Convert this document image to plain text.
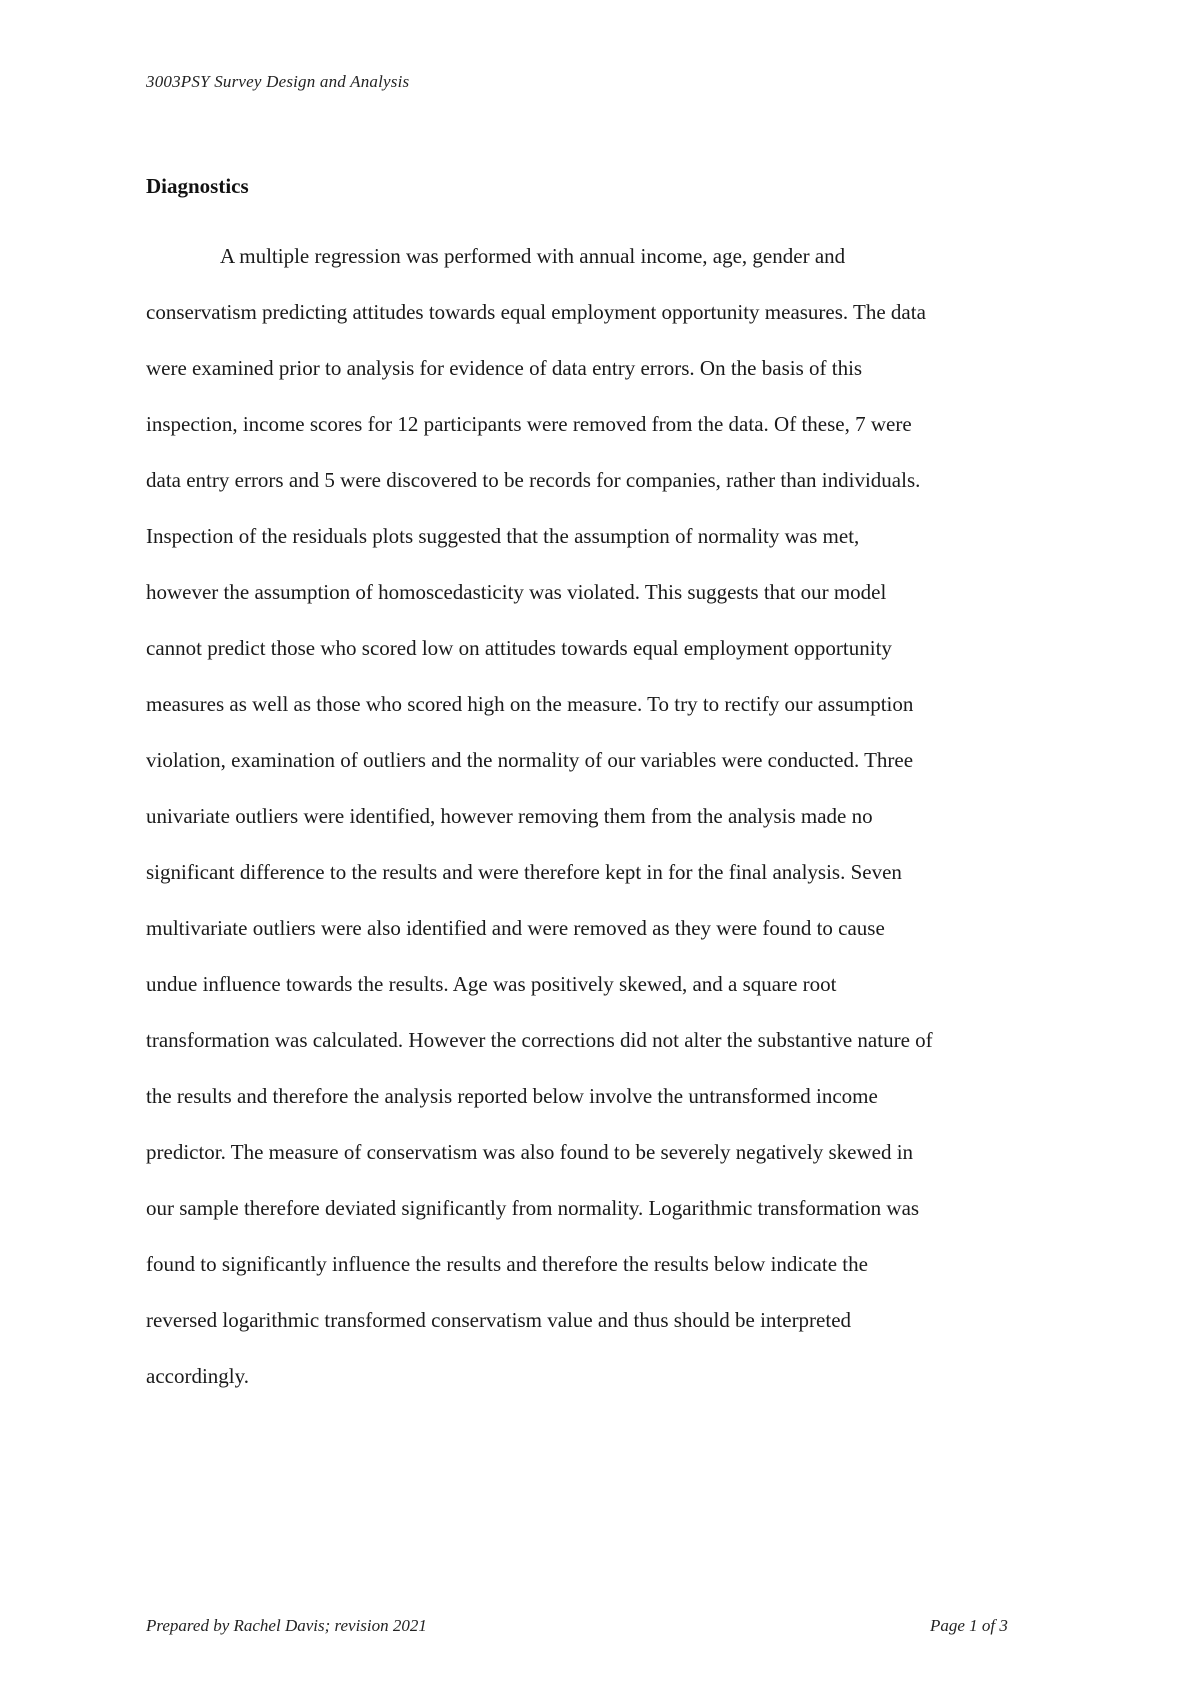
3003PSY Survey Design and Analysis
Diagnostics
A multiple regression was performed with annual income, age, gender and
conservatism predicting attitudes towards equal employment opportunity measures. The data
were examined prior to analysis for evidence of data entry errors. On the basis of this
inspection, income scores for 12 participants were removed from the data. Of these, 7 were
data entry errors and 5 were discovered to be records for companies, rather than individuals.
Inspection of the residuals plots suggested that the assumption of normality was met,
however the assumption of homoscedasticity was violated. This suggests that our model
cannot predict those who scored low on attitudes towards equal employment opportunity
measures as well as those who scored high on the measure. To try to rectify our assumption
violation, examination of outliers and the normality of our variables were conducted. Three
univariate outliers were identified, however removing them from the analysis made no
significant difference to the results and were therefore kept in for the final analysis. Seven
multivariate outliers were also identified and were removed as they were found to cause
undue influence towards the results. Age was positively skewed, and a square root
transformation was calculated. However the corrections did not alter the substantive nature of
the results and therefore the analysis reported below involve the untransformed income
predictor. The measure of conservatism was also found to be severely negatively skewed in
our sample therefore deviated significantly from normality. Logarithmic transformation was
found to significantly influence the results and therefore the results below indicate the
reversed logarithmic transformed conservatism value and thus should be interpreted
accordingly.
Prepared by Rachel Davis; revision 2021	Page 1 of 3
